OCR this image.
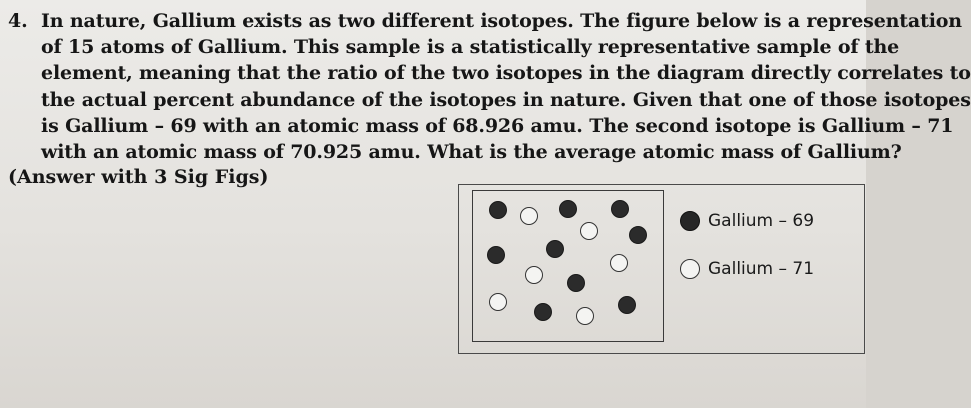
4. In nature, Gallium exists as two different isotopes. The figure below is a representation
of 15 atoms of Gallium. This sample is a statistically representative sample of the
element, meaning that the ratio of the two isotopes in the diagram directly correlates to
the actual percent abundance of the isotopes in nature. Given that one of those isotopes
is Gallium – 69 with an atomic mass of 68.926 amu. The second isotope is Gallium – 71
with an atomic mass of 70.925 amu. What is the average atomic mass of Gallium?
(Answer with 3 Sig Figs)
Gallium – 69
Gallium – 71
